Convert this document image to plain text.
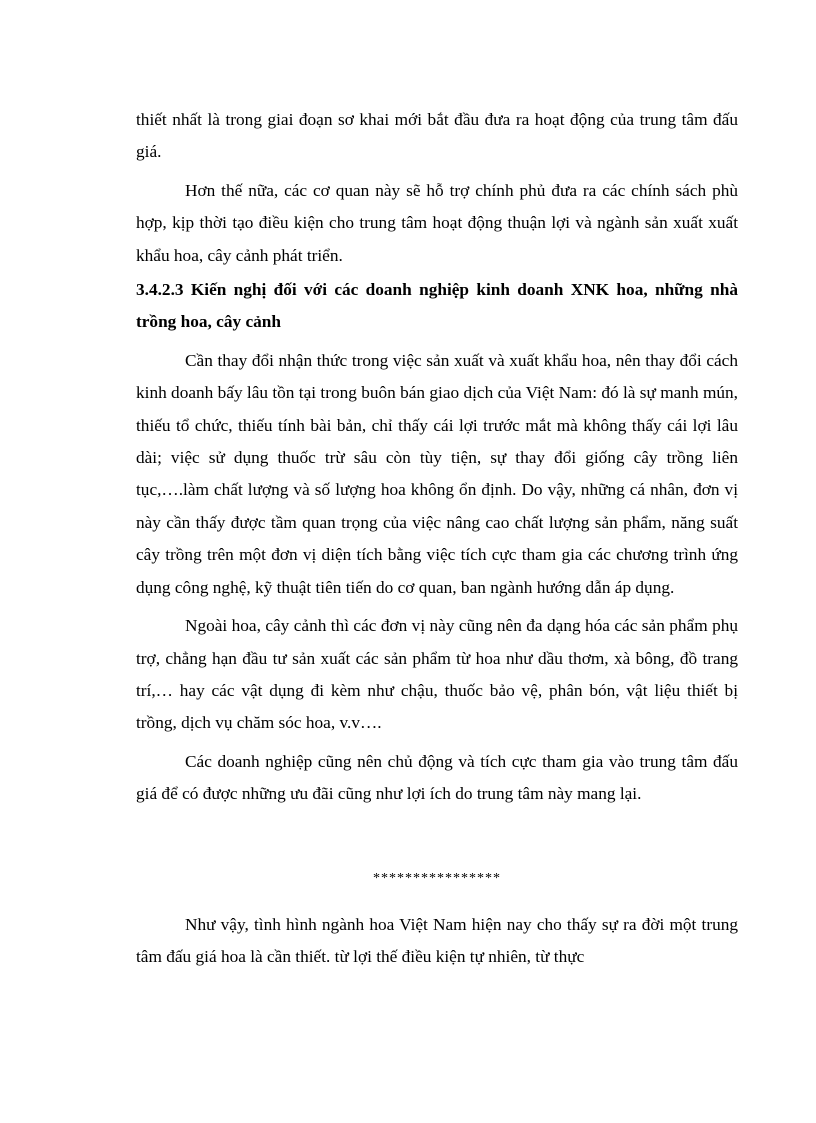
thiết nhất là trong giai đoạn sơ khai mới bắt đầu đưa ra hoạt động của trung tâm đấu giá.

Hơn thế nữa, các cơ quan này sẽ hỗ trợ chính phủ đưa ra các chính sách phù hợp, kịp thời tạo điều kiện cho trung tâm hoạt động thuận lợi và ngành sản xuất xuất khẩu hoa, cây cảnh phát triển.

3.4.2.3 Kiến nghị đối với các doanh nghiệp kinh doanh XNK hoa, những nhà trồng hoa, cây cảnh

Cần thay đổi nhận thức trong việc sản xuất và xuất khẩu hoa, nên thay đổi cách kinh doanh bấy lâu tồn tại trong buôn bán giao dịch của Việt Nam: đó là sự manh mún, thiếu tổ chức, thiếu tính bài bản, chỉ thấy cái lợi trước mắt mà không thấy cái lợi lâu dài; việc sử dụng thuốc trừ sâu còn tùy tiện, sự thay đổi giống cây trồng liên tục,….làm chất lượng và số lượng hoa không ổn định. Do vậy, những cá nhân, đơn vị này cần thấy được tầm quan trọng của việc nâng cao chất lượng sản phẩm, năng suất cây trồng trên một đơn vị diện tích bằng việc tích cực tham gia các chương trình ứng dụng công nghệ, kỹ thuật tiên tiến do cơ quan, ban ngành hướng dẫn áp dụng.

Ngoài hoa, cây cảnh thì các đơn vị này cũng nên đa dạng hóa các sản phẩm phụ trợ, chẳng hạn đầu tư sản xuất các sản phẩm từ hoa như dầu thơm, xà bông, đồ trang trí,… hay các vật dụng đi kèm như chậu, thuốc bảo vệ, phân bón, vật liệu thiết bị trồng, dịch vụ chăm sóc hoa, v.v….

Các doanh nghiệp cũng nên chủ động và tích cực tham gia vào trung tâm đấu giá để có được những ưu đãi cũng như lợi ích do trung tâm này mang lại.

****************

Như vậy, tình hình ngành hoa Việt Nam hiện nay cho thấy sự ra đời một trung tâm đấu giá hoa là cần thiết. từ lợi thế điều kiện tự nhiên, từ thực
